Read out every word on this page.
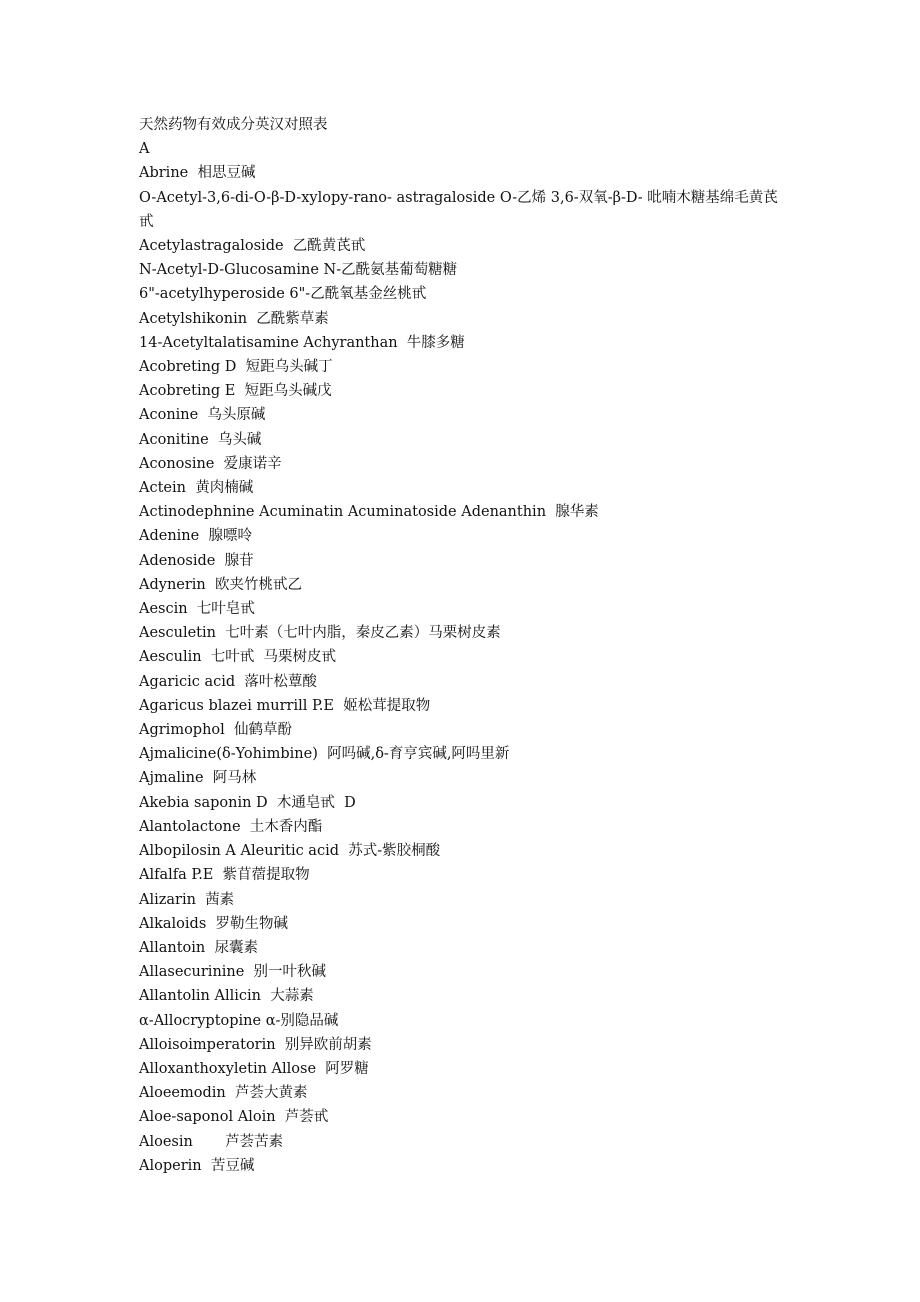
天然药物有效成分英汉对照表
A
Abrine  相思豆碱
O-Acetyl-3,6-di-O-β-D-xylopy-rano- astragaloside O-乙烯 3,6-双氧-β-D- 吡喃木糖基绵毛黄芪甙
Acetylastragaloside  乙酰黄芪甙
N-Acetyl-D-Glucosamine N-乙酰氨基葡萄糖糖
6"-acetylhyperoside 6"-乙酰氧基金丝桃甙
Acetylshikonin  乙酰紫草素
14-Acetyltalatisamine Achyranthan  牛膝多糖
Acobreting D  短距乌头碱丁
Acobreting E  短距乌头碱戊
Aconine  乌头原碱
Aconitine  乌头碱
Aconosine  爱康诺辛
Actein  黄肉楠碱
Actinodephnine Acuminatin Acuminatoside Adenanthin  腺华素
Adenine  腺嘌呤
Adenoside  腺苷
Adynerin  欧夹竹桃甙乙
Aescin  七叶皂甙
Aesculetin  七叶素（七叶内脂，秦皮乙素）马栗树皮素
Aesculin  七叶甙  马栗树皮甙
Agaricic acid  落叶松蕈酸
Agaricus blazei murrill P.E  姬松茸提取物
Agrimophol  仙鹤草酚
Ajmalicine(δ-Yohimbine)  阿吗碱,δ-育亨宾碱,阿吗里新
Ajmaline  阿马林
Akebia saponin D  木通皂甙  D
Alantolactone  土木香内酯
Albopilosin A Aleuritic acid  苏式-紫胶桐酸
Alfalfa P.E  紫苜蓿提取物
Alizarin  茜素
Alkaloids  罗勒生物碱
Allantoin  尿囊素
Allasecurinine  别一叶秋碱
Allantolin Allicin  大蒜素
α-Allocryptopine α-别隐品碱
Alloisoimperatorin  别异欧前胡素
Alloxanthoxyletin Allose  阿罗糖
Aloeemodin  芦荟大黄素
Aloe-saponol Aloin  芦荟甙
Aloesin       芦荟苦素
Aloperin  苦豆碱
